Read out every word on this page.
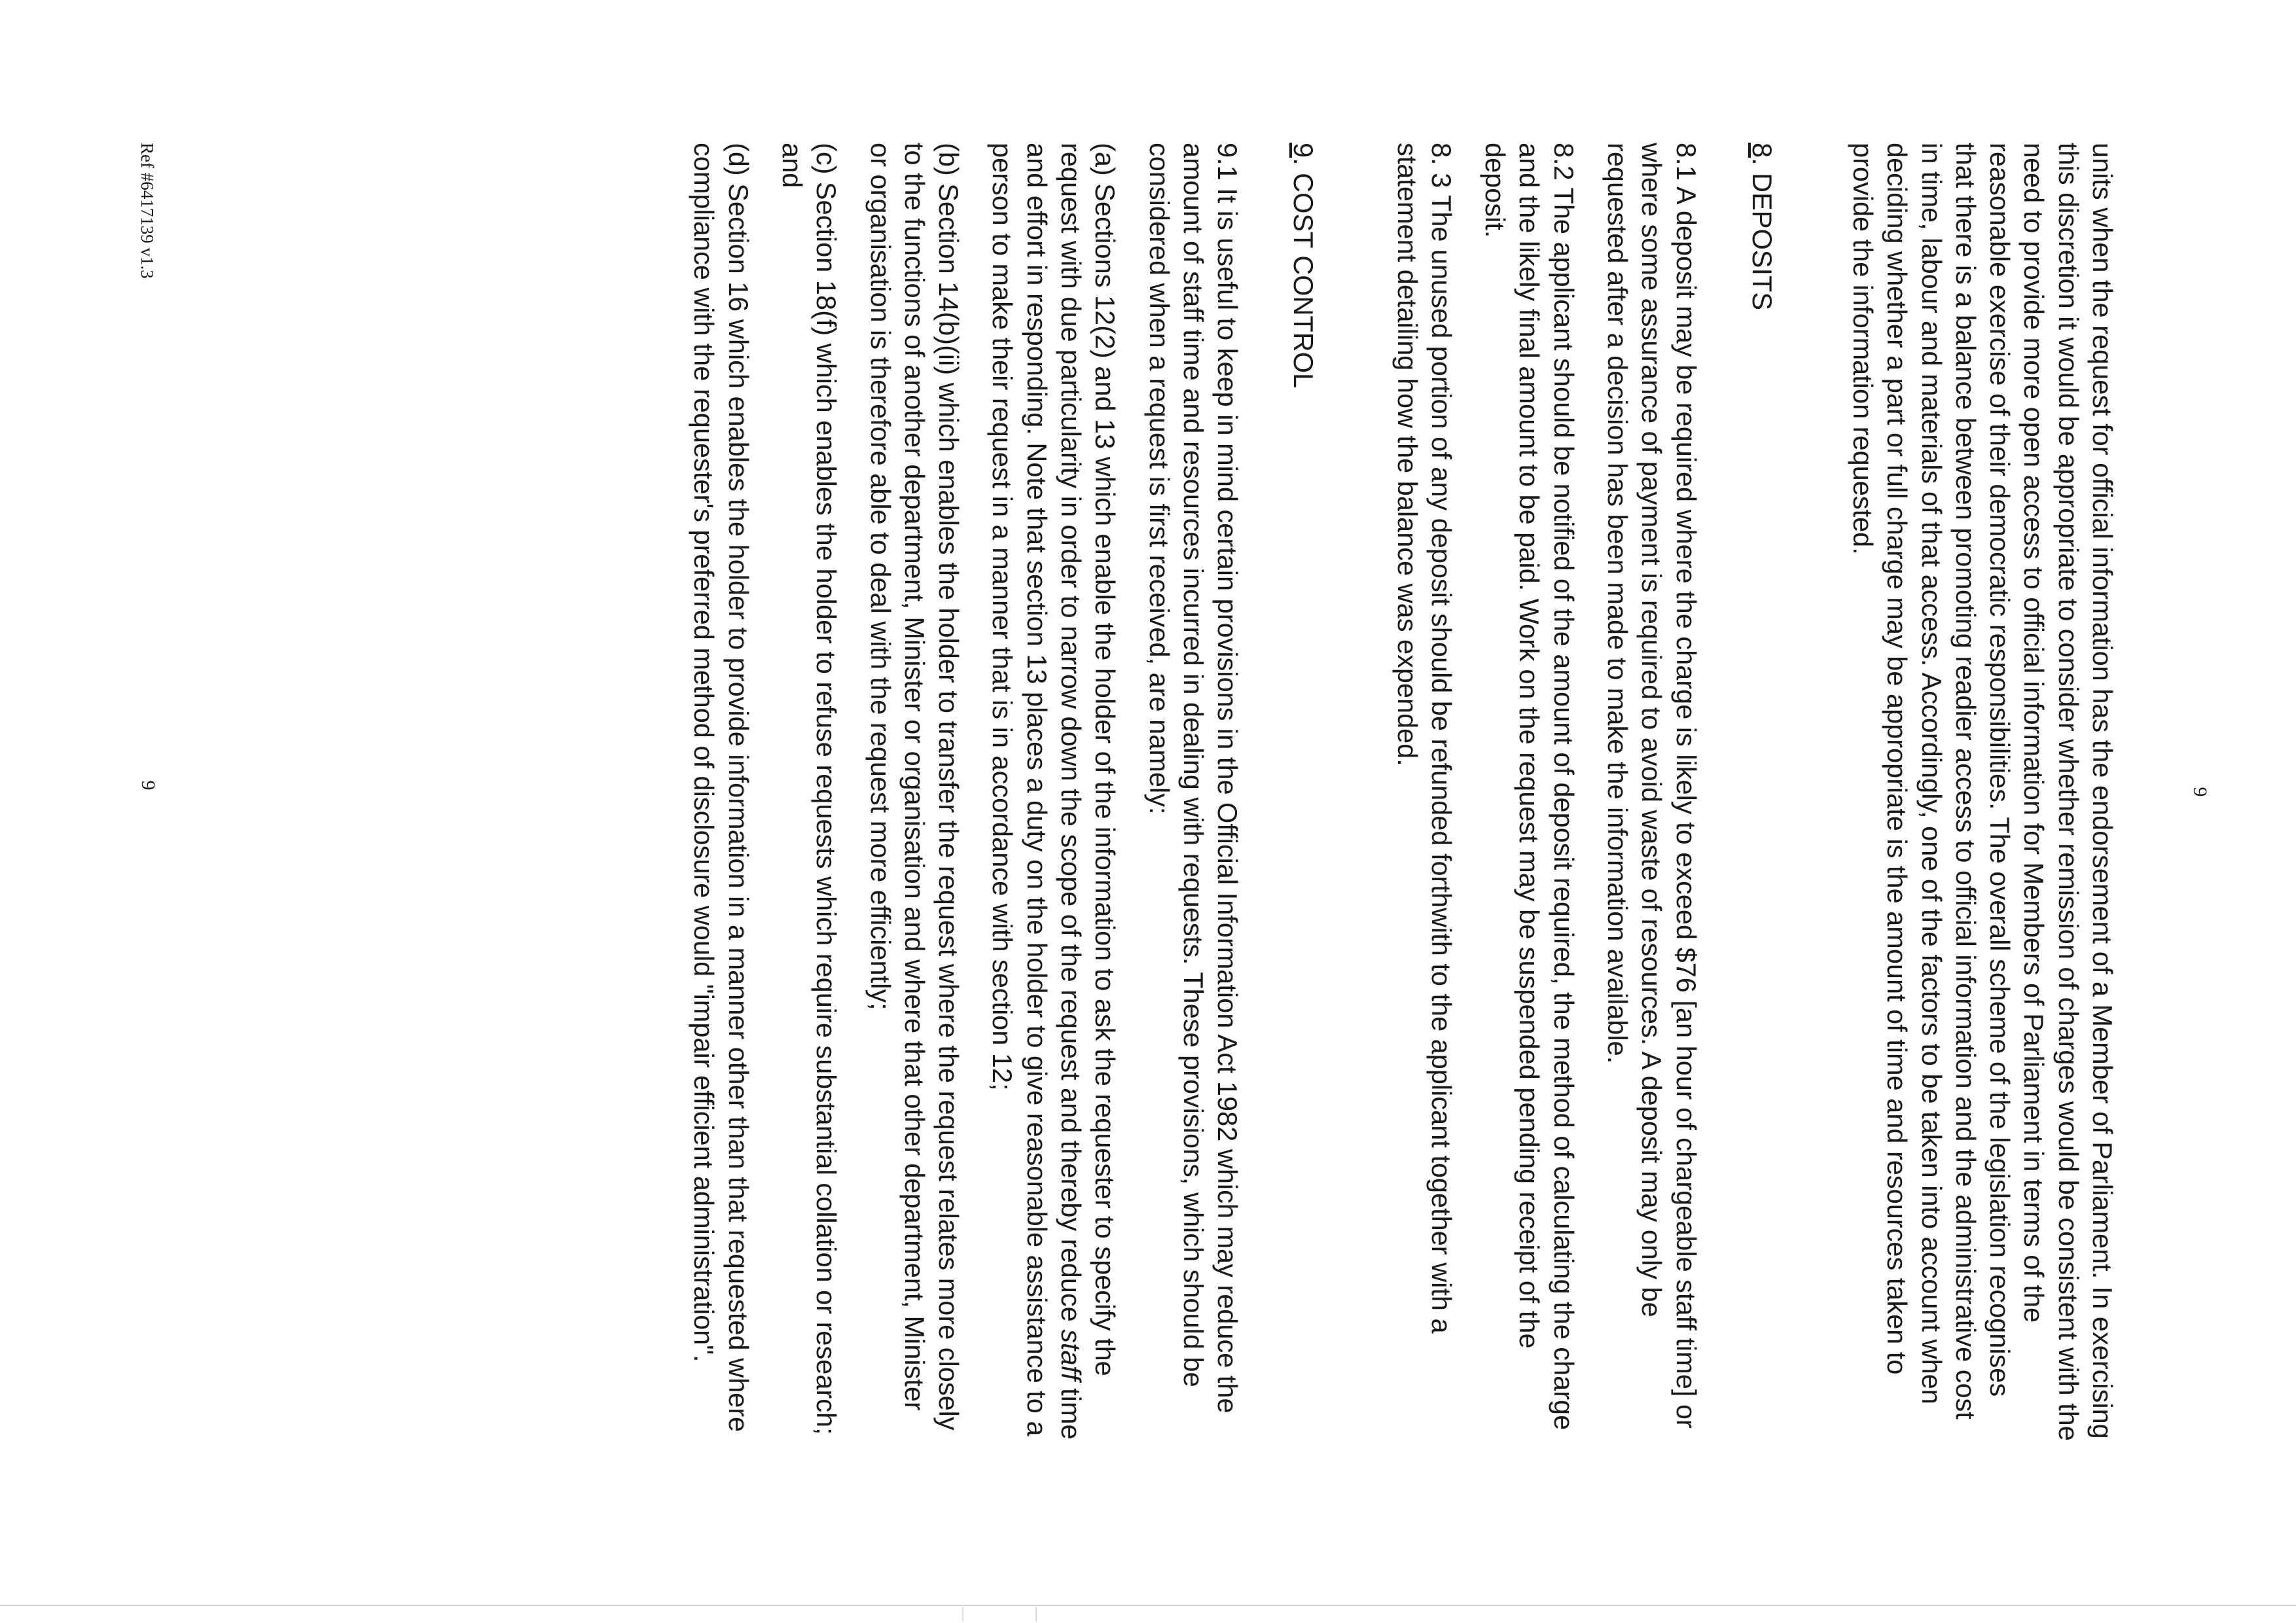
9

units when the request for official information has the endorsement of a Member of Parliament. In exercising this discretion it would be appropriate to consider whether remission of charges would be consistent with the need to provide more open access to official information for Members of Parliament in terms of the reasonable exercise of their democratic responsibilities. The overall scheme of the legislation recognises that there is a balance between promoting readier access to official information and the administrative cost in time, labour and materials of that access. Accordingly, one of the factors to be taken into account when deciding whether a part or full charge may be appropriate is the amount of time and resources taken to provide the information requested.

8. DEPOSITS

8.1 A deposit may be required where the charge is likely to exceed $76 [an hour of chargeable staff time] or where some assurance of payment is required to avoid waste of resources. A deposit may only be requested after a decision has been made to make the information available.

8.2 The applicant should be notified of the amount of deposit required, the method of calculating the charge and the likely final amount to be paid. Work on the request may be suspended pending receipt of the deposit.

8. 3 The unused portion of any deposit should be refunded forthwith to the applicant together with a statement detailing how the balance was expended.

9. COST CONTROL

9.1 It is useful to keep in mind certain provisions in the Official Information Act 1982 which may reduce the amount of staff time and resources incurred in dealing with requests. These provisions, which should be considered when a request is first received, are namely:

(a) Sections 12(2) and 13 which enable the holder of the information to ask the requester to specify the request with due particularity in order to narrow down the scope of the request and thereby reduce staff time and effort in responding. Note that section 13 places a duty on the holder to give reasonable assistance to a person to make their request in a manner that is in accordance with section 12;

(b) Section 14(b)(ii) which enables the holder to transfer the request where the request relates more closely to the functions of another department, Minister or organisation and where that other department, Minister or organisation is therefore able to deal with the request more efficiently;

(c) Section 18(f) which enables the holder to refuse requests which require substantial collation or research; and

(d) Section 16 which enables the holder to provide information in a manner other than that requested where compliance with the requester's preferred method of disclosure would "impair efficient administration".

Ref #6417139 v1.3
9
